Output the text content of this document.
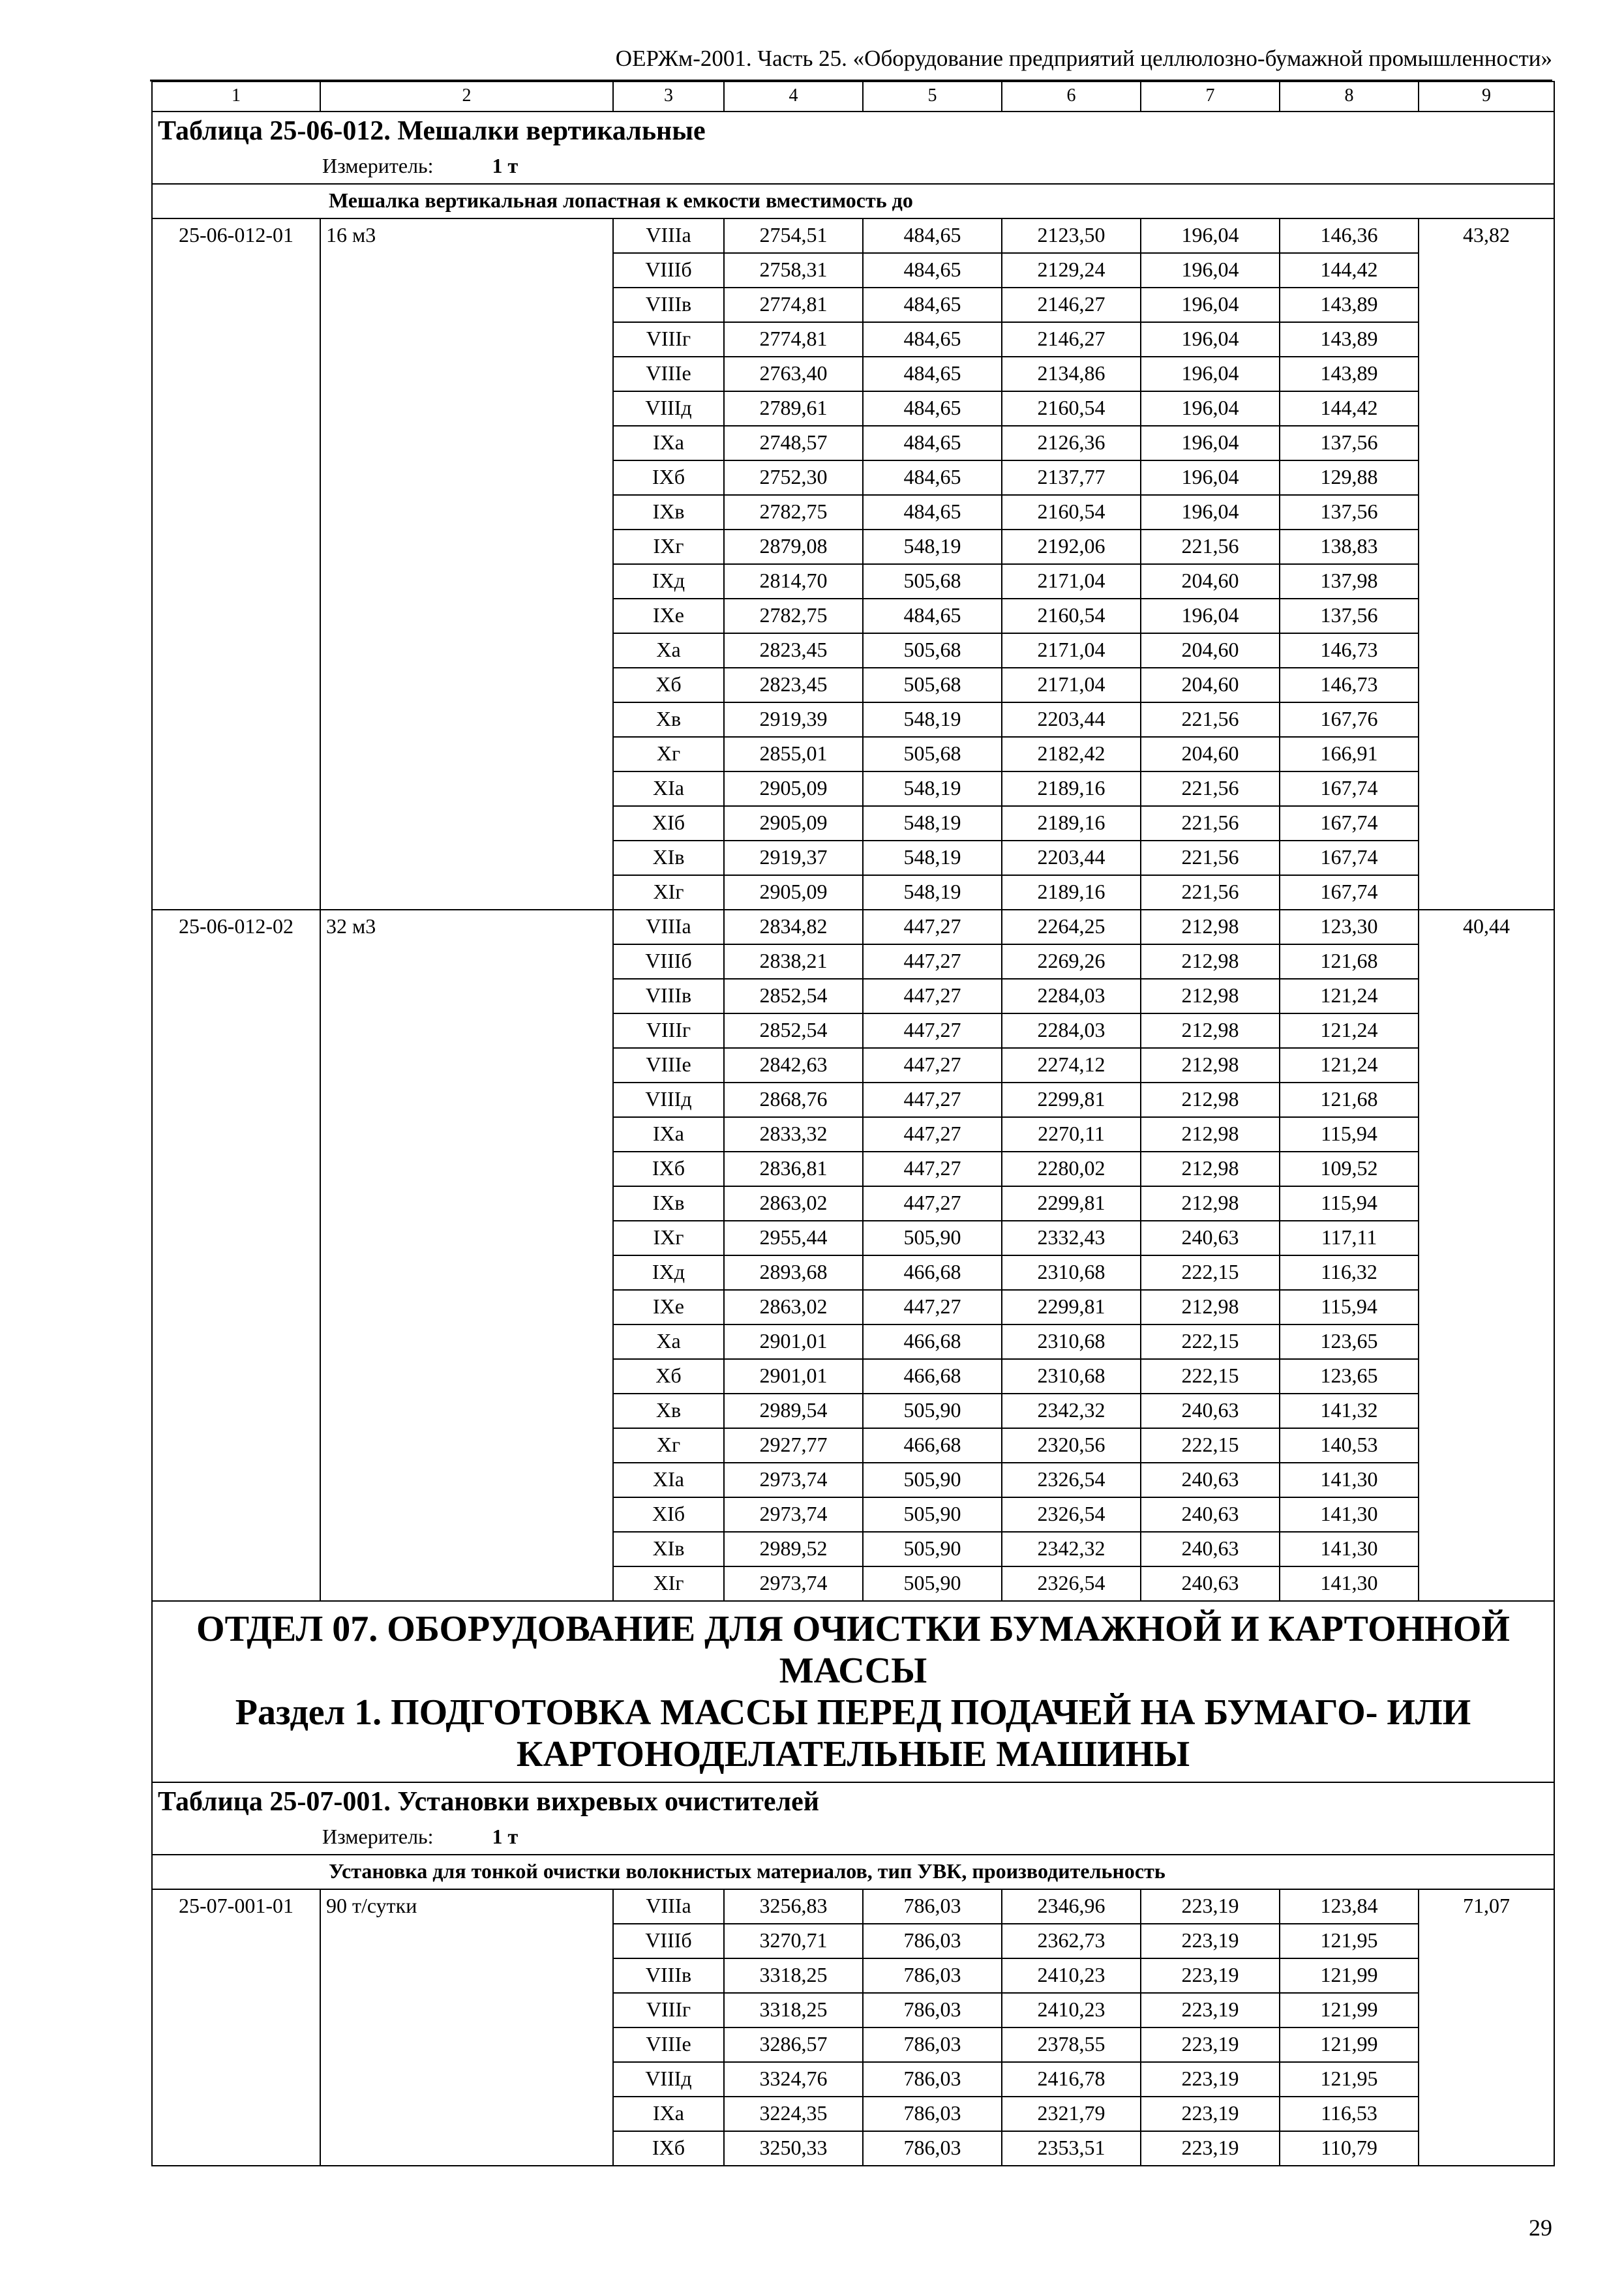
ОЕРЖм-2001. Часть 25. «Оборудование предприятий целлюлозно-бумажной промышленности»
1	2	3	4	5	6	7	8	9
Таблица 25-06-012. Мешалки вертикальные								
Измеритель: 1 т								
Мешалка вертикальная лопастная к емкости вместимость до								
25-06-012-01	16 м3	VIIIа	2754,51	484,65	2123,50	196,04	146,36	43,82
		VIIIб	2758,31	484,65	2129,24	196,04	144,42	
		VIIIв	2774,81	484,65	2146,27	196,04	143,89	
		VIIIг	2774,81	484,65	2146,27	196,04	143,89	
		VIIIе	2763,40	484,65	2134,86	196,04	143,89	
		VIIIд	2789,61	484,65	2160,54	196,04	144,42	
		IXа	2748,57	484,65	2126,36	196,04	137,56	
		IXб	2752,30	484,65	2137,77	196,04	129,88	
		IXв	2782,75	484,65	2160,54	196,04	137,56	
		IXг	2879,08	548,19	2192,06	221,56	138,83	
		IXд	2814,70	505,68	2171,04	204,60	137,98	
		IXе	2782,75	484,65	2160,54	196,04	137,56	
		Xа	2823,45	505,68	2171,04	204,60	146,73	
		Xб	2823,45	505,68	2171,04	204,60	146,73	
		Xв	2919,39	548,19	2203,44	221,56	167,76	
		Xг	2855,01	505,68	2182,42	204,60	166,91	
		XIа	2905,09	548,19	2189,16	221,56	167,74	
		XIб	2905,09	548,19	2189,16	221,56	167,74	
		XIв	2919,37	548,19	2203,44	221,56	167,74	
		XIг	2905,09	548,19	2189,16	221,56	167,74	
25-06-012-02	32 м3	VIIIа	2834,82	447,27	2264,25	212,98	123,30	40,44
		VIIIб	2838,21	447,27	2269,26	212,98	121,68	
		VIIIв	2852,54	447,27	2284,03	212,98	121,24	
		VIIIг	2852,54	447,27	2284,03	212,98	121,24	
		VIIIе	2842,63	447,27	2274,12	212,98	121,24	
		VIIIд	2868,76	447,27	2299,81	212,98	121,68	
		IXа	2833,32	447,27	2270,11	212,98	115,94	
		IXб	2836,81	447,27	2280,02	212,98	109,52	
		IXв	2863,02	447,27	2299,81	212,98	115,94	
		IXг	2955,44	505,90	2332,43	240,63	117,11	
		IXд	2893,68	466,68	2310,68	222,15	116,32	
		IXе	2863,02	447,27	2299,81	212,98	115,94	
		Xа	2901,01	466,68	2310,68	222,15	123,65	
		Xб	2901,01	466,68	2310,68	222,15	123,65	
		Xв	2989,54	505,90	2342,32	240,63	141,32	
		Xг	2927,77	466,68	2320,56	222,15	140,53	
		XIа	2973,74	505,90	2326,54	240,63	141,30	
		XIб	2973,74	505,90	2326,54	240,63	141,30	
		XIв	2989,52	505,90	2342,32	240,63	141,30	
		XIг	2973,74	505,90	2326,54	240,63	141,30	

ОТДЕЛ 07. ОБОРУДОВАНИЕ ДЛЯ ОЧИСТКИ БУМАЖНОЙ И КАРТОННОЙ МАССЫ
Раздел 1. ПОДГОТОВКА МАССЫ ПЕРЕД ПОДАЧЕЙ НА БУМАГО- ИЛИ КАРТОНОДЕЛАТЕЛЬНЫЕ МАШИНЫ								

Таблица 25-07-001. Установки вихревых очистителей								
Измеритель: 1 т								
Установка для тонкой очистки волокнистых материалов, тип УВК, производительность								
25-07-001-01	90 т/сутки	VIIIа	3256,83	786,03	2346,96	223,19	123,84	71,07
		VIIIб	3270,71	786,03	2362,73	223,19	121,95	
		VIIIв	3318,25	786,03	2410,23	223,19	121,99	
		VIIIг	3318,25	786,03	2410,23	223,19	121,99	
		VIIIе	3286,57	786,03	2378,55	223,19	121,99	
		VIIIд	3324,76	786,03	2416,78	223,19	121,95	
		IXа	3224,35	786,03	2321,79	223,19	116,53	
		IXб	3250,33	786,03	2353,51	223,19	110,79	
29
